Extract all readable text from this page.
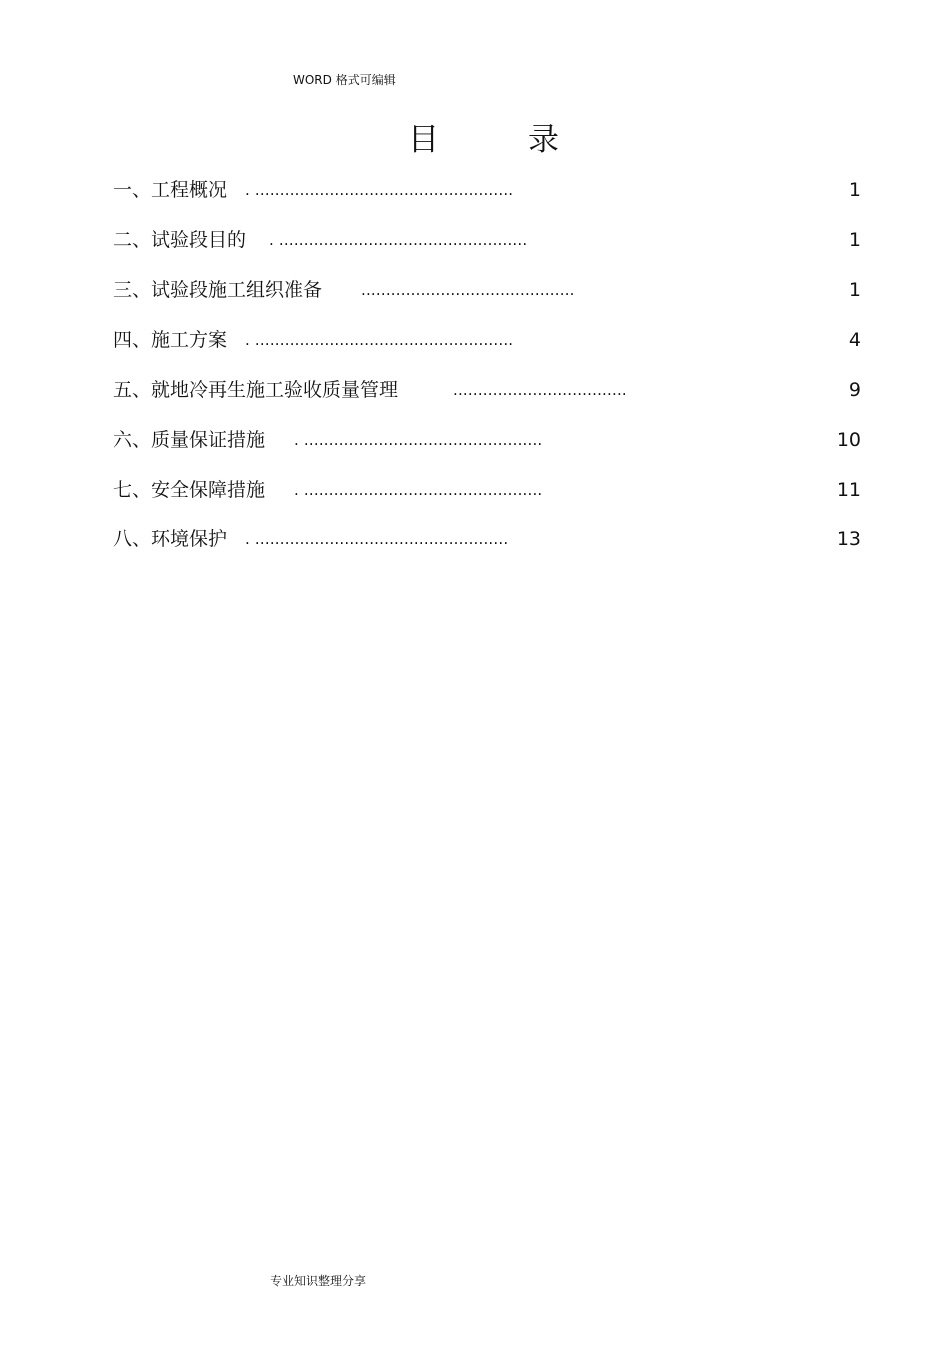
WORD 格式可编辑
目	录
一、工程概况 . ....................................................	1
二、试验段目的 . ..................................................	1
三、试验段施工组织准备	...........................................	1
四、施工方案 . ....................................................	4
五、就地冷再生施工验收质量管理	...................................	9
六、质量保证措施 . ................................................	10
七、安全保障措施 . ................................................	11
八、环境保护 . ...................................................	13
专业知识整理分享
